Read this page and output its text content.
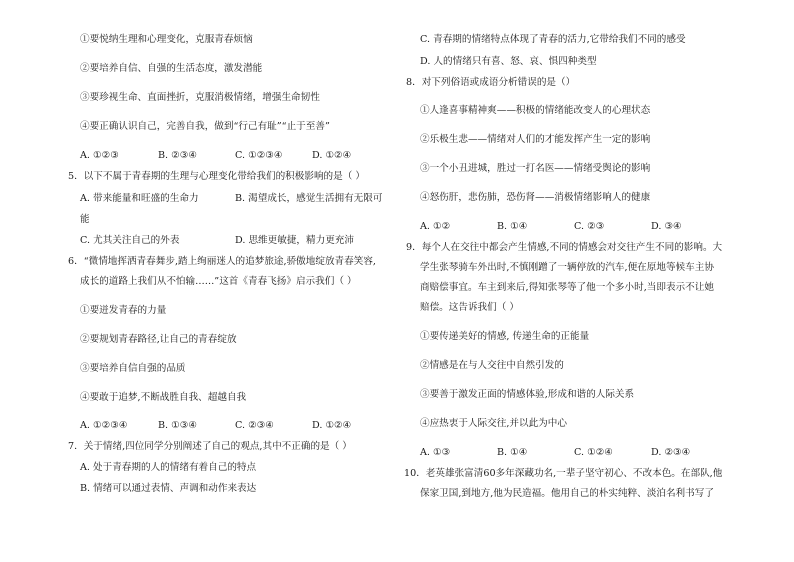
①要悦纳生理和心理变化，克服青春烦恼
②要培养自信、自强的生活态度，激发潜能
③要珍视生命、直面挫折，克服消极情绪，增强生命韧性
④要正确认识自己，完善自我，做到“行己有耻”“止于至善”
A. ①②③	B. ②③④	C. ①②③④	D. ①②④
5．以下不属于青春期的生理与心理变化带给我们的积极影响的是（ ）
A. 带来能量和旺盛的生命力	B. 渴望成长，感觉生活拥有无限可
能
C. 尤其关注自己的外表	D. 思维更敏捷，精力更充沛
6．“微情地挥洒青春舞步,踏上绚丽迷人的追梦旅途,骄傲地绽放青春笑容,
成长的道路上我们从不怕输……”这首《青春飞扬》启示我们（ ）
①要迸发青春的力量
②要规划青春路径,让自己的青春绽放
③要培养自信自强的品质
④要敢于追梦,不断战胜自我、超越自我
A. ①②③④	B. ①③④	C. ②③④	D. ①②④
7．关于情绪,四位同学分别阐述了自己的观点,其中不正确的是（ ）
A. 处于青春期的人的情绪有着自己的特点
B. 情绪可以通过表情、声调和动作来表达
C. 青春期的情绪特点体现了青春的活力,它带给我们不同的感受
D. 人的情绪只有喜、怒、哀、惧四种类型
8．对下列俗语或成语分析错误的是（）
①人逢喜事精神爽——积极的情绪能改变人的心理状态
②乐极生悲——情绪对人们的才能发挥产生一定的影响
③一个小丑进城，胜过一打名医——情绪受舆论的影响
④怒伤肝，悲伤肺，恐伤肾——消极情绪影响人的健康
A. ①②	B. ①④	C. ②③	D. ③④
9．每个人在交往中都会产生情感,不同的情感会对交往产生不同的影响。大
学生张琴骑车外出时,不慎刚蹭了一辆停放的汽车,便在原地等候车主协
商赔偿事宜。车主到来后,得知张琴等了他一个多小时,当即表示不让她
赔偿。这告诉我们（ ）
①要传递美好的情感, 传递生命的正能量
②情感是在与人交往中自然引发的
③要善于激发正面的情感体验,形成和谐的人际关系
④应热衷于人际交往,并以此为中心
A. ①③	B. ①④	C. ①②④	D. ②③④
10．老英雄张富清60多年深藏功名,一辈子坚守初心、不改本色。在部队,他
保家卫国,到地方,他为民造福。他用自己的朴实纯粹、淡泊名利书写了
